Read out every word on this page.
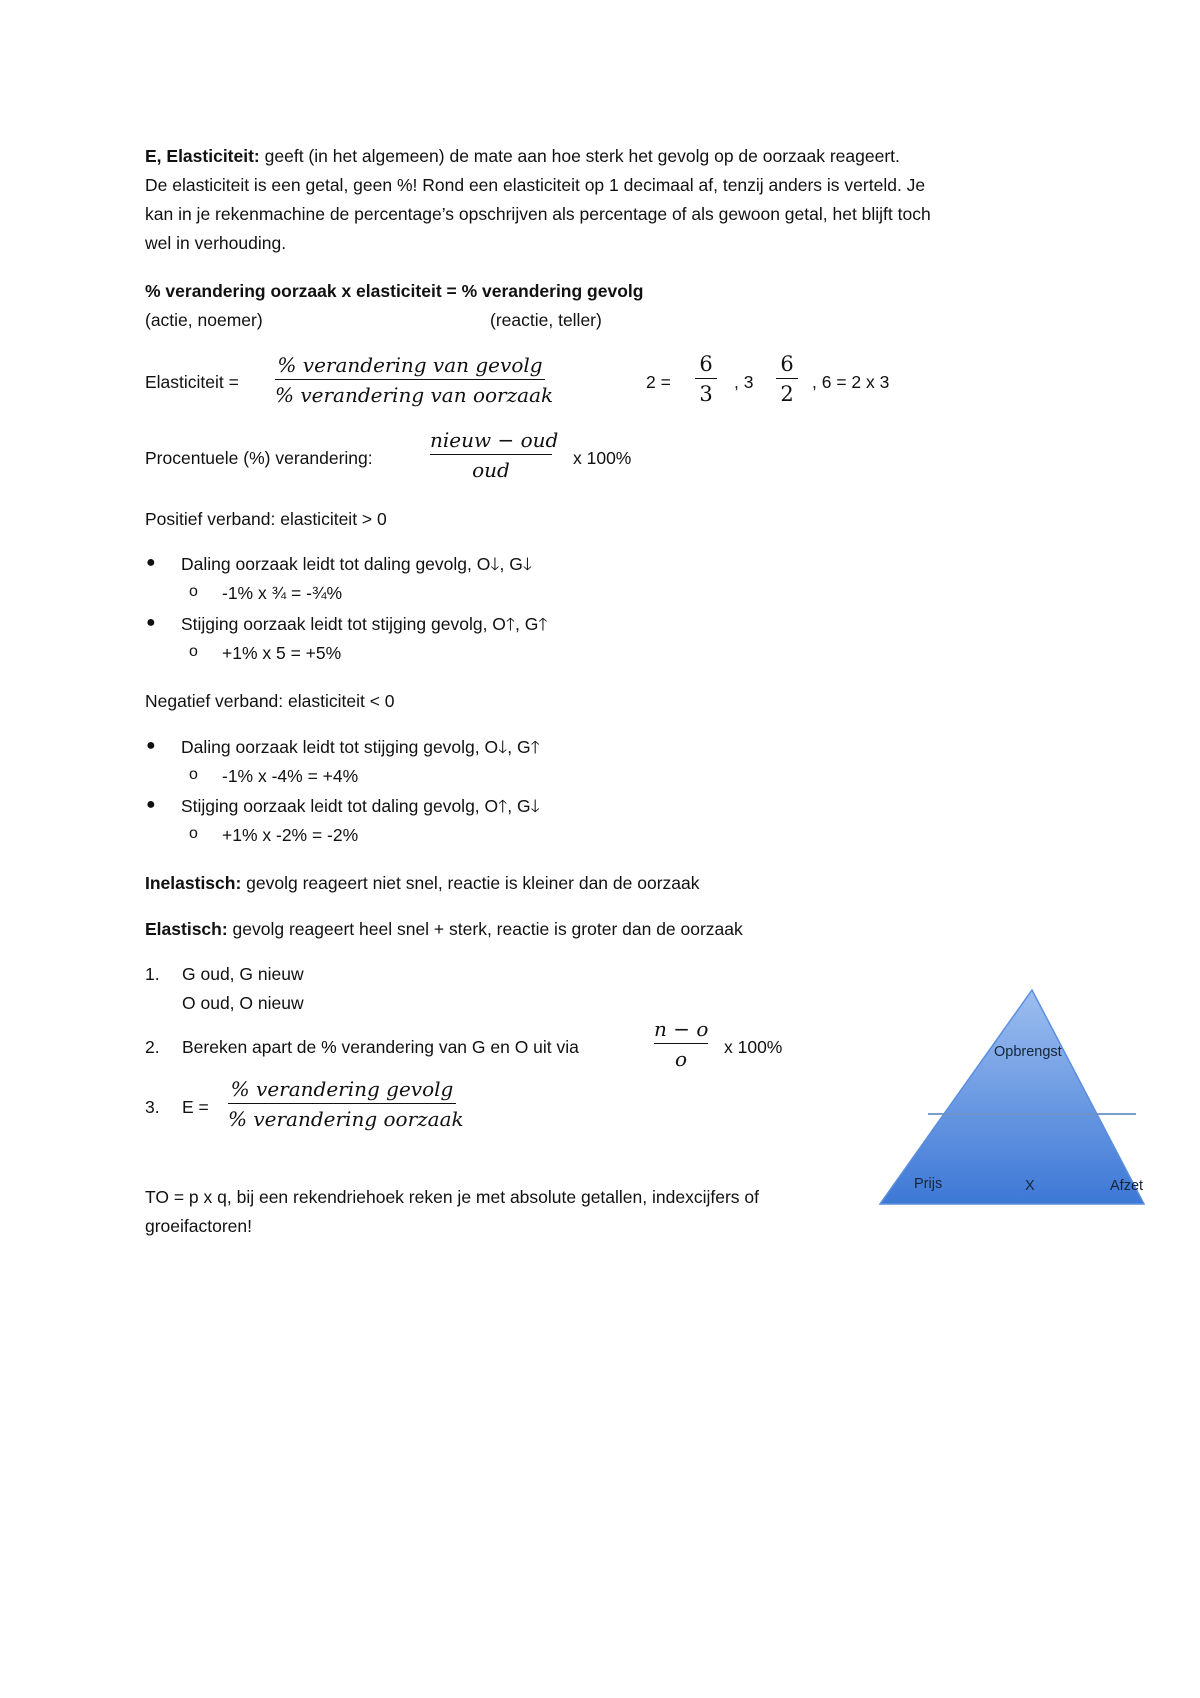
E, Elasticiteit: geeft (in het algemeen) de mate aan hoe sterk het gevolg op de oorzaak reageert.
De elasticiteit is een getal, geen %! Rond een elasticiteit op 1 decimaal af, tenzij anders is verteld. Je
kan in je rekenmachine de percentage’s opschrijven als percentage of als gewoon getal, het blijft toch
wel in verhouding.
% verandering oorzaak x elasticiteit = % verandering gevolg
(actie, noemer)	(reactie, teller)
Elasticiteit =
% verandering van gevolg
% verandering van oorzaak
2 =
6
3 , 3
6
2 , 6 = 2 x 3
Procentuele (%) verandering:
nieuw − oud
oud	x 100%
Positief verband: elasticiteit > 0
● Daling oorzaak leidt tot daling gevolg, O🡓, G🡓
o -1% x ¾ = -¾%
● Stijging oorzaak leidt tot stijging gevolg, O🡑, G🡑
o +1% x 5 = +5%
Negatief verband: elasticiteit < 0
● Daling oorzaak leidt tot stijging gevolg, O🡓, G🡑
o -1% x -4% = +4%
● Stijging oorzaak leidt tot daling gevolg, O🡑, G🡓
o +1% x -2% = -2%
Inelastisch: gevolg reageert niet snel, reactie is kleiner dan de oorzaak
Elastisch: gevolg reageert heel snel + sterk, reactie is groter dan de oorzaak
1. G oud, G nieuw
O oud, O nieuw
2. Bereken apart de % verandering van G en O uit via
n − o
o	x 100%
3. E =
% verandering gevolg
% verandering oorzaak
TO = p x q, bij een rekendriehoek reken je met absolute getallen, indexcijfers of
groeifactoren!
Opbrengst
Prijs	X	Afzet
